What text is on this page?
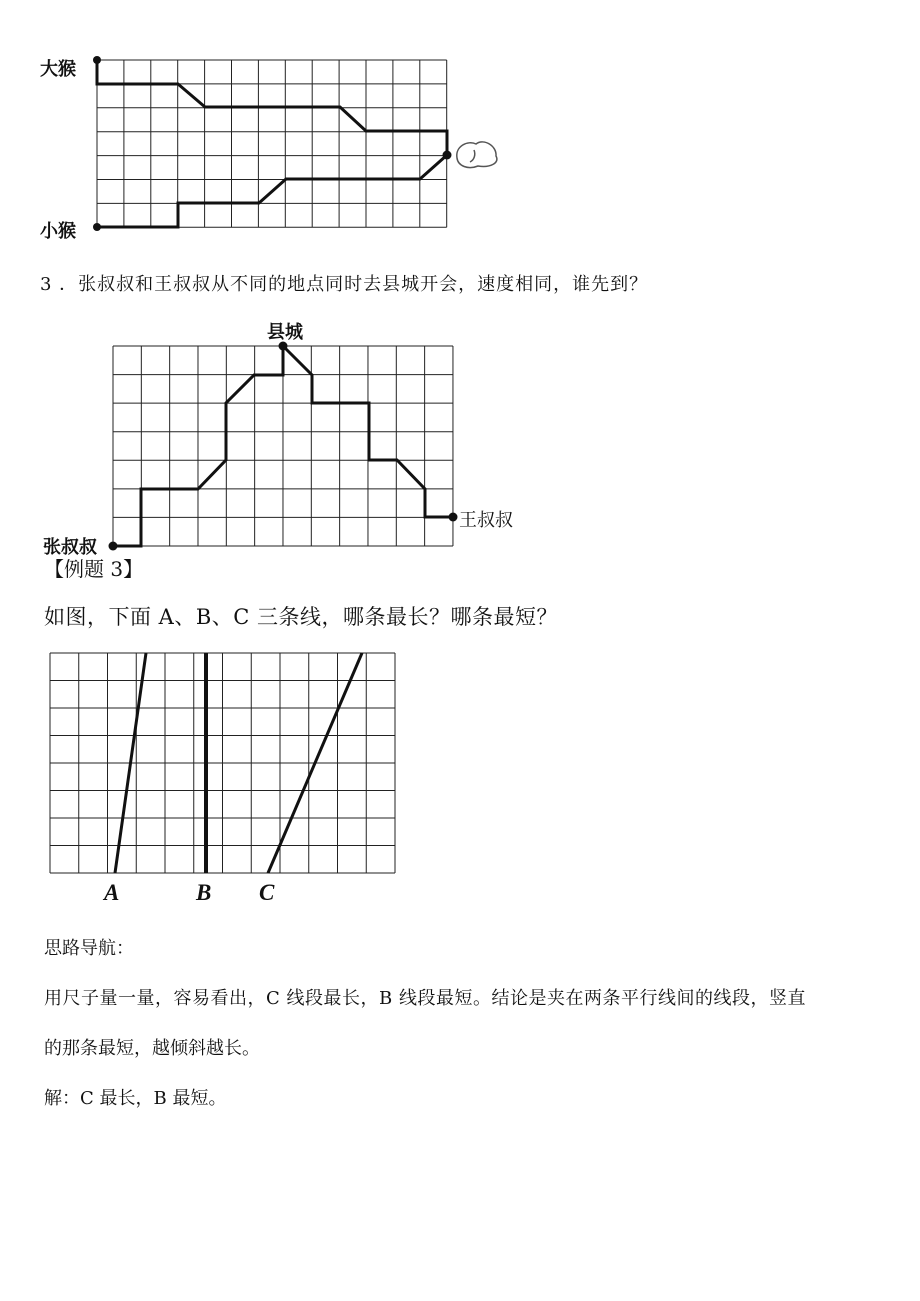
大猴
小猴
3 ．张叔叔和王叔叔从不同的地点同时去县城开会，速度相同，谁先到？
县城
王叔叔
张叔叔
【例题 3】
如图，下面 A、B、C 三条线，哪条最长？哪条最短？
A	B C
思路导航：
用尺子量一量，容易看出，C 线段最长，B 线段最短。结论是夹在两条平行线间的线段，竖直
的那条最短，越倾斜越长。
解：C 最长，B 最短。
